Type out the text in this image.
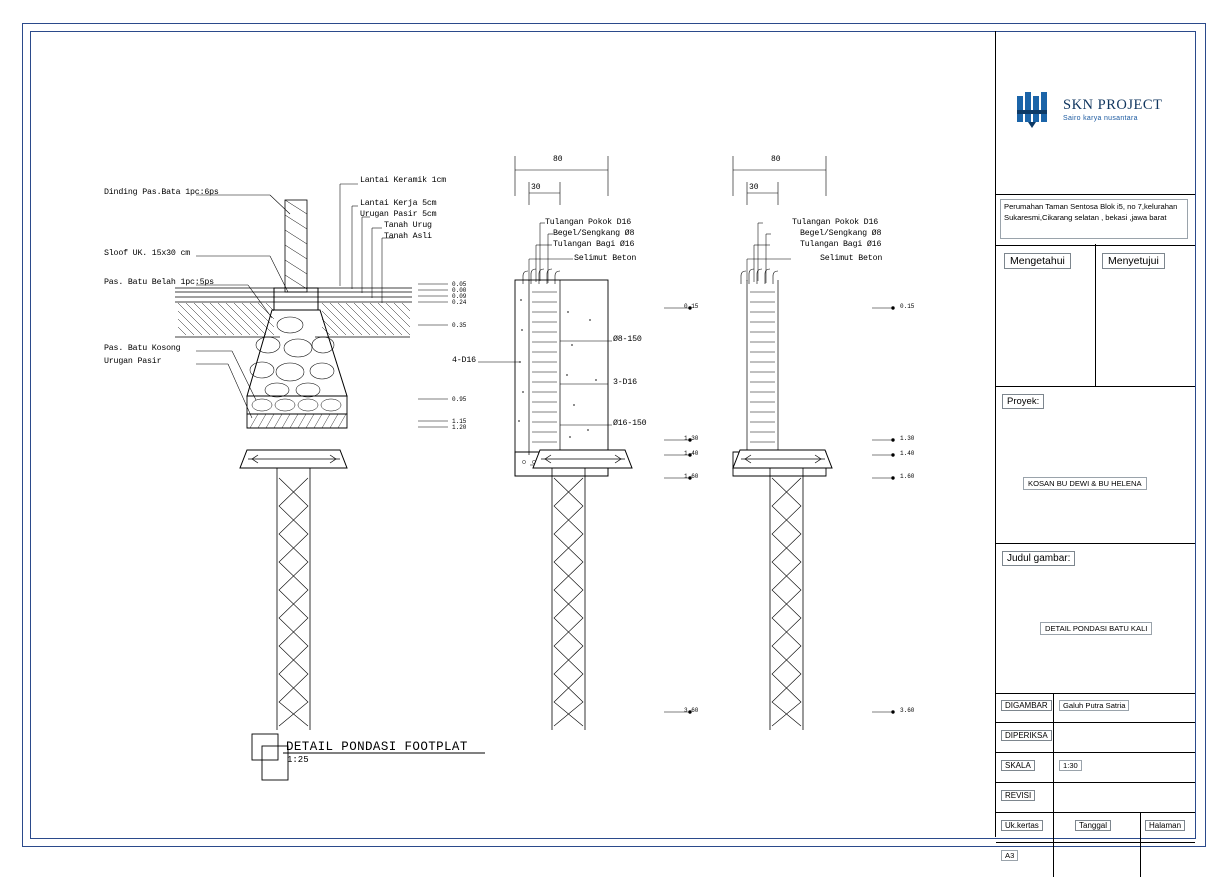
Dinding Pas.Bata 1pc:6ps
Sloof UK. 15x30 cm
Pas. Batu Belah 1pc:5ps
Pas. Batu Kosong
Urugan Pasir
Lantai Keramik 1cm
Lantai Kerja 5cm
Urugan Pasir 5cm
Tanah Urug
Tanah Asli
0.05
0.00
0.09
0.24
0.35
0.95
1.15
1.20
DETAIL PONDASI FOOTPLAT
1:25
80
30
Tulangan Pokok D16
Begel/Sengkang Ø8
Tulangan Bagi Ø16
Selimut Beton
Ø8-150
3-D16
Ø16-150
4-D16
0.15
1.30
1.40
1.60
3.60
80
30
Tulangan Pokok D16
Begel/Sengkang Ø8
Tulangan Bagi Ø16
Selimut Beton
0.15
1.30
1.40
1.60
3.60
SKN PROJECT
Sairo karya nusantara
Perumahan Taman Sentosa Blok i5, no 7,kelurahan Sukaresmi,Cikarang selatan , bekasi ,jawa barat
Mengetahui	Menyetujui
Proyek:
KOSAN BU DEWI & BU HELENA
Judul gambar:
DETAIL PONDASI BATU KALI
DIGAMBAR	Galuh Putra Satria
DIPERIKSA
SKALA	1:30
REVISI
Uk.kertas	Tanggal	Halaman
A3
